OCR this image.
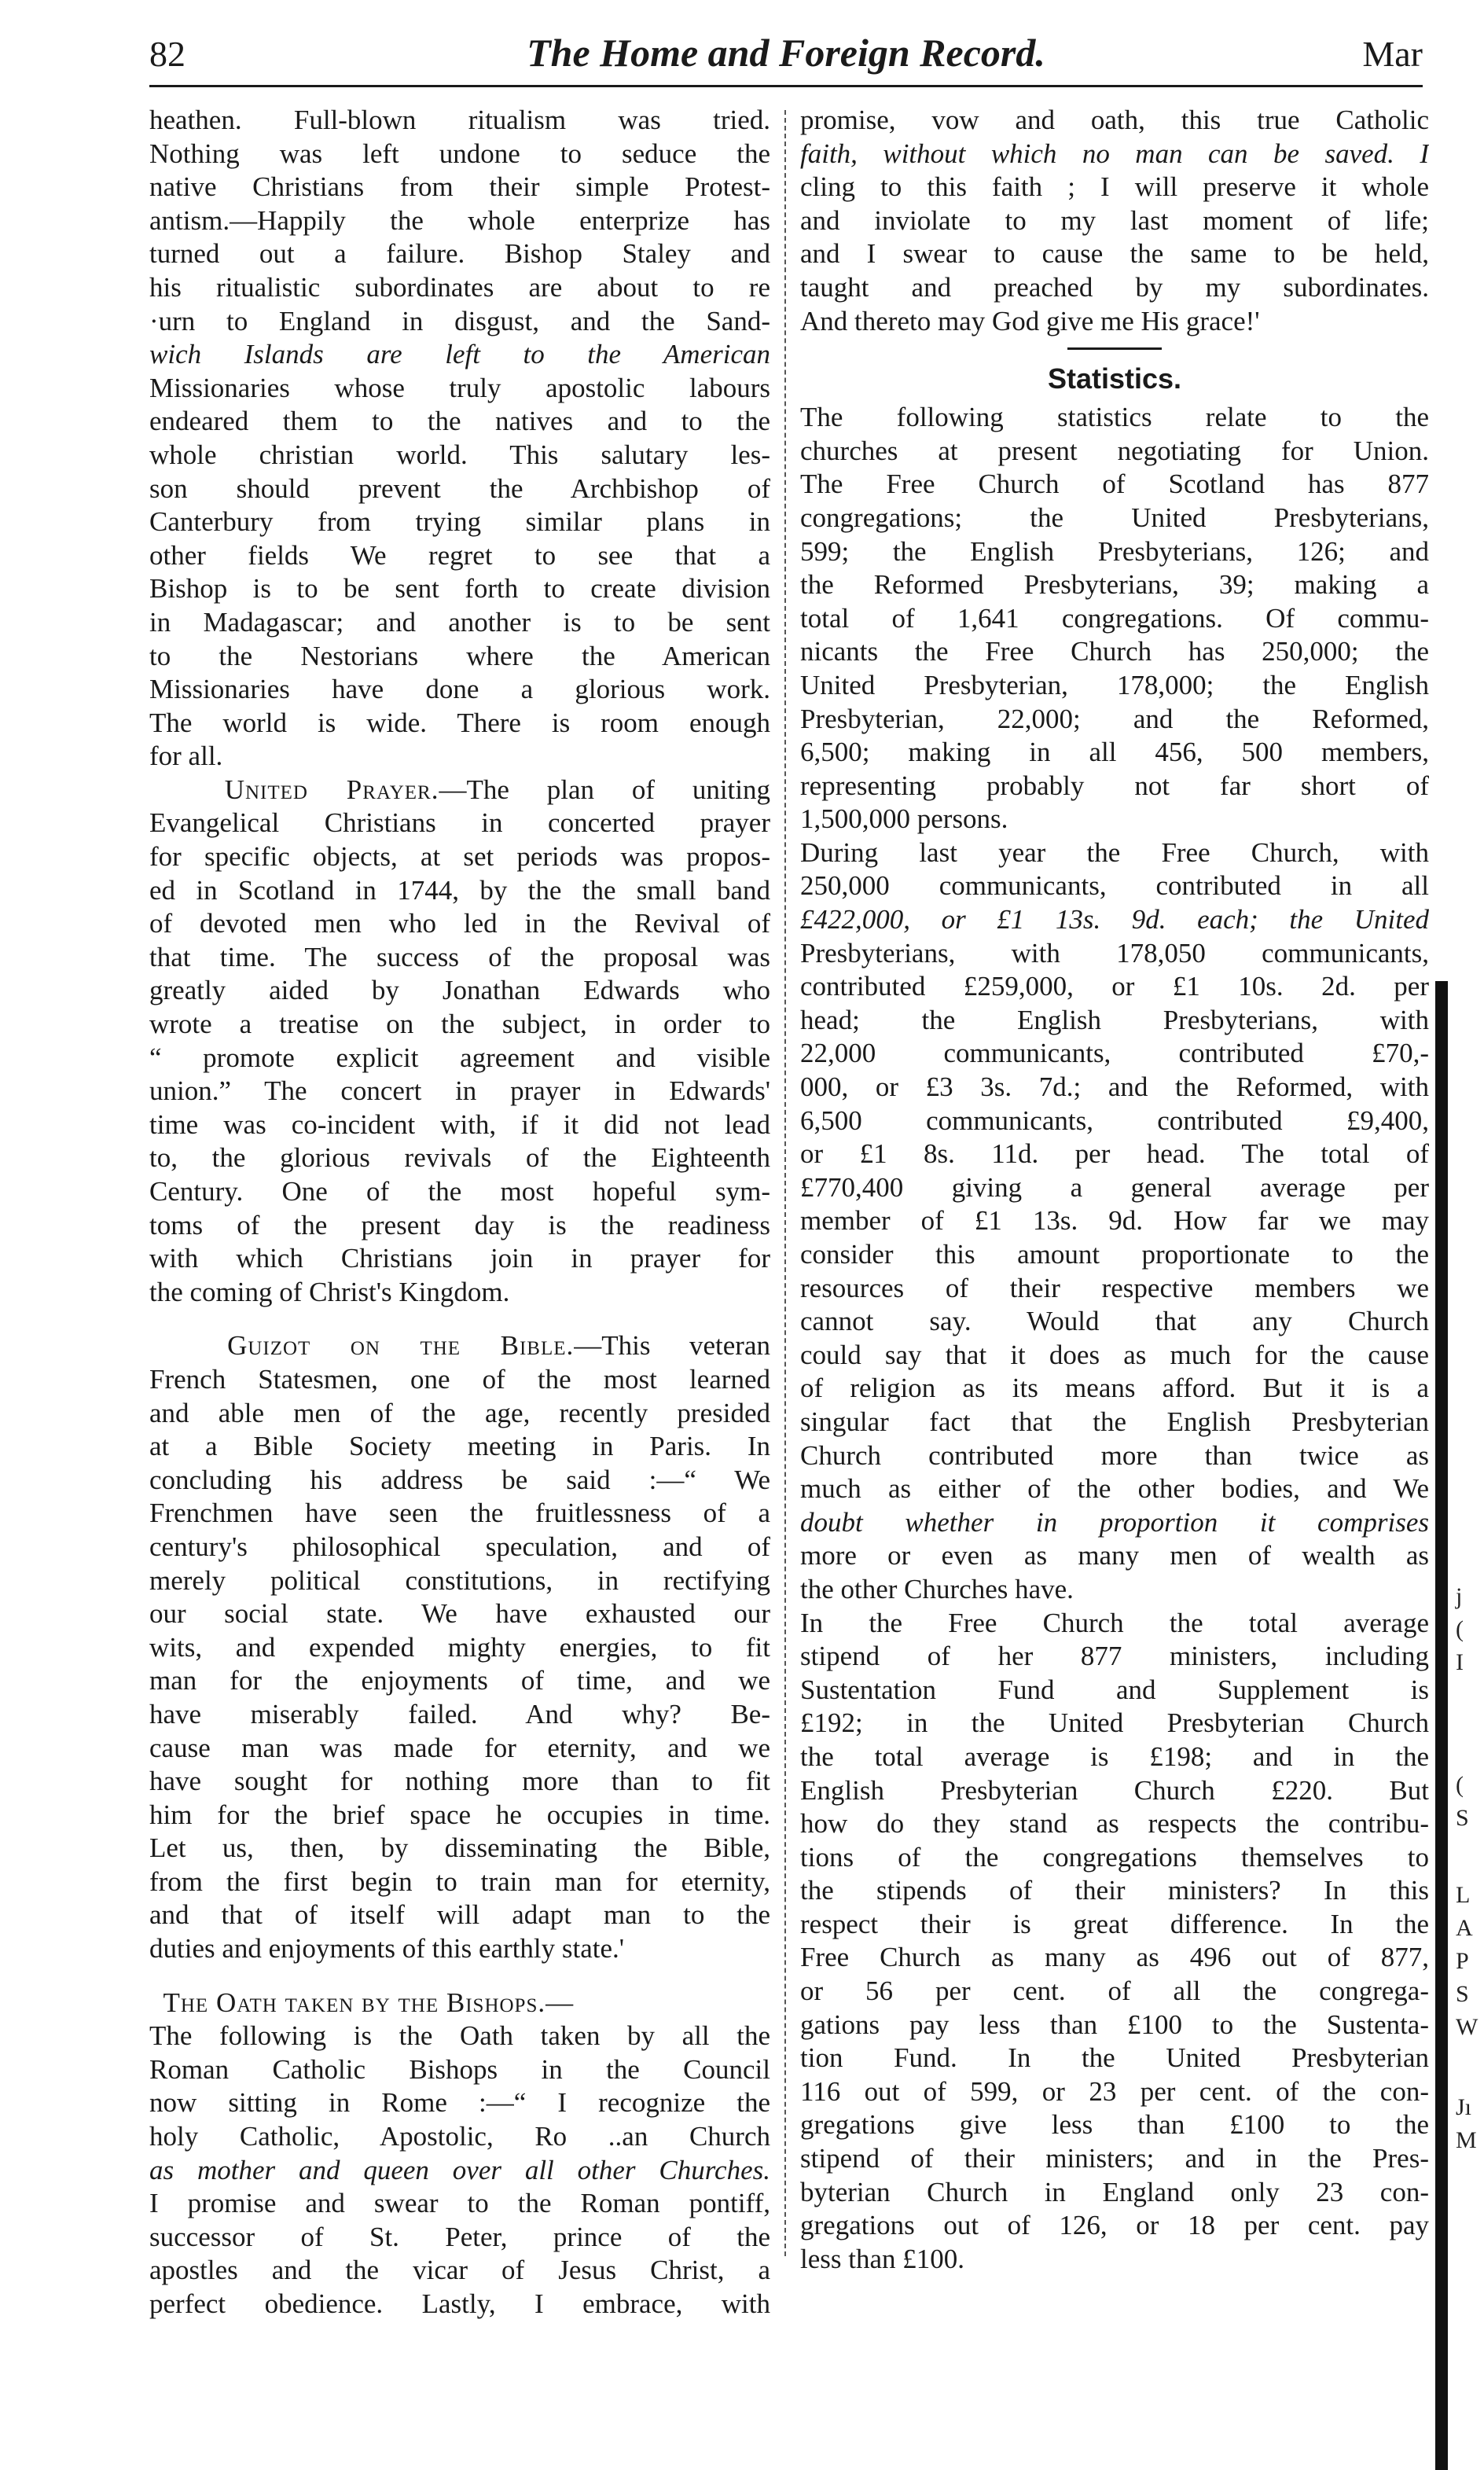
82	The Home and Foreign Record.	Mar
heathen. Full-blown ritualism was tried.
Nothing was left undone to seduce the
native Christians from their simple Protest-
antism.—Happily the whole enterprize has
turned out a failure. Bishop Staley and
his ritualistic subordinates are about to re
·urn to England in disgust, and the Sand-
wich Islands are left to the American
Missionaries whose truly apostolic labours
endeared them to the natives and to the
whole christian world. This salutary les-
son should prevent the Archbishop of
Canterbury from trying similar plans in
other fields We regret to see that a
Bishop is to be sent forth to create division
in Madagascar; and another is to be sent
to the Nestorians where the American
Missionaries have done a glorious work.
The world is wide. There is room enough
for all.
United Prayer.—The plan of uniting
Evangelical Christians in concerted prayer
for specific objects, at set periods was propos-
ed in Scotland in 1744, by the the small band
of devoted men who led in the Revival of
that time. The success of the proposal was
greatly aided by Jonathan Edwards who
wrote a treatise on the subject, in order to
“ promote explicit agreement and visible
union.” The concert in prayer in Edwards'
time was co-incident with, if it did not lead
to, the glorious revivals of the Eighteenth
Century. One of the most hopeful sym-
toms of the present day is the readiness
with which Christians join in prayer for
the coming of Christ's Kingdom.
Guizot on the Bible.—This veteran
French Statesmen, one of the most learned
and able men of the age, recently presided
at a Bible Society meeting in Paris. In
concluding his address be said :—“ We
Frenchmen have seen the fruitlessness of a
century's philosophical speculation, and of
merely political constitutions, in rectifying
our social state. We have exhausted our
wits, and expended mighty energies, to fit
man for the enjoyments of time, and we
have miserably failed. And why? Be-
cause man was made for eternity, and we
have sought for nothing more than to fit
him for the brief space he occupies in time.
Let us, then, by disseminating the Bible,
from the first begin to train man for eternity,
and that of itself will adapt man to the
duties and enjoyments of this earthly state.'
The Oath taken by the Bishops.—
The following is the Oath taken by all the
Roman Catholic Bishops in the Council
now sitting in Rome :—“ I recognize the
holy Catholic, Apostolic, Ro ..an Church
as mother and queen over all other Churches.
I promise and swear to the Roman pontiff,
successor of St. Peter, prince of the
apostles and the vicar of Jesus Christ, a
perfect obedience. Lastly, I embrace, with
promise, vow and oath, this true Catholic
faith, without which no man can be saved. I
cling to this faith ; I will preserve it whole
and inviolate to my last moment of life;
and I swear to cause the same to be held,
taught and preached by my subordinates.
And thereto may God give me His grace!'
Statistics.
The following statistics relate to the
churches at present negotiating for Union.
The Free Church of Scotland has 877
congregations; the United Presbyterians,
599; the English Presbyterians, 126; and
the Reformed Presbyterians, 39; making a
total of 1,641 congregations. Of commu-
nicants the Free Church has 250,000; the
United Presbyterian, 178,000; the English
Presbyterian, 22,000; and the Reformed,
6,500; making in all 456, 500 members,
representing probably not far short of
1,500,000 persons.
During last year the Free Church, with
250,000 communicants, contributed in all
£422,000, or £1 13s. 9d. each; the United
Presbyterians, with 178,050 communicants,
contributed £259,000, or £1 10s. 2d. per
head; the English Presbyterians, with
22,000 communicants, contributed £70,-
000, or £3 3s. 7d.; and the Reformed, with
6,500 communicants, contributed £9,400,
or £1 8s. 11d. per head. The total of
£770,400 giving a general average per
member of £1 13s. 9d. How far we may
consider this amount proportionate to the
resources of their respective members we
cannot say. Would that any Church
could say that it does as much for the cause
of religion as its means afford. But it is a
singular fact that the English Presbyterian
Church contributed more than twice as
much as either of the other bodies, and We
doubt whether in proportion it comprises
more or even as many men of wealth as
the other Churches have.
In the Free Church the total average
stipend of her 877 ministers, including
Sustentation Fund and Supplement is
£192; in the United Presbyterian Church
the total average is £198; and in the
English Presbyterian Church £220. But
how do they stand as respects the contribu-
tions of the congregations themselves to
the stipends of their ministers? In this
respect their is great difference. In the
Free Church as many as 496 out of 877,
or 56 per cent. of all the congrega-
gations pay less than £100 to the Sustenta-
tion Fund. In the United Presbyterian
116 out of 599, or 23 per cent. of the con-
gregations give less than £100 to the
stipend of their ministers; and in the Pres-
byterian Church in England only 23 con-
gregations out of 126, or 18 per cent. pay
less than £100.
j
(
I
(
S
L
A
P
S
W
Jı
M
